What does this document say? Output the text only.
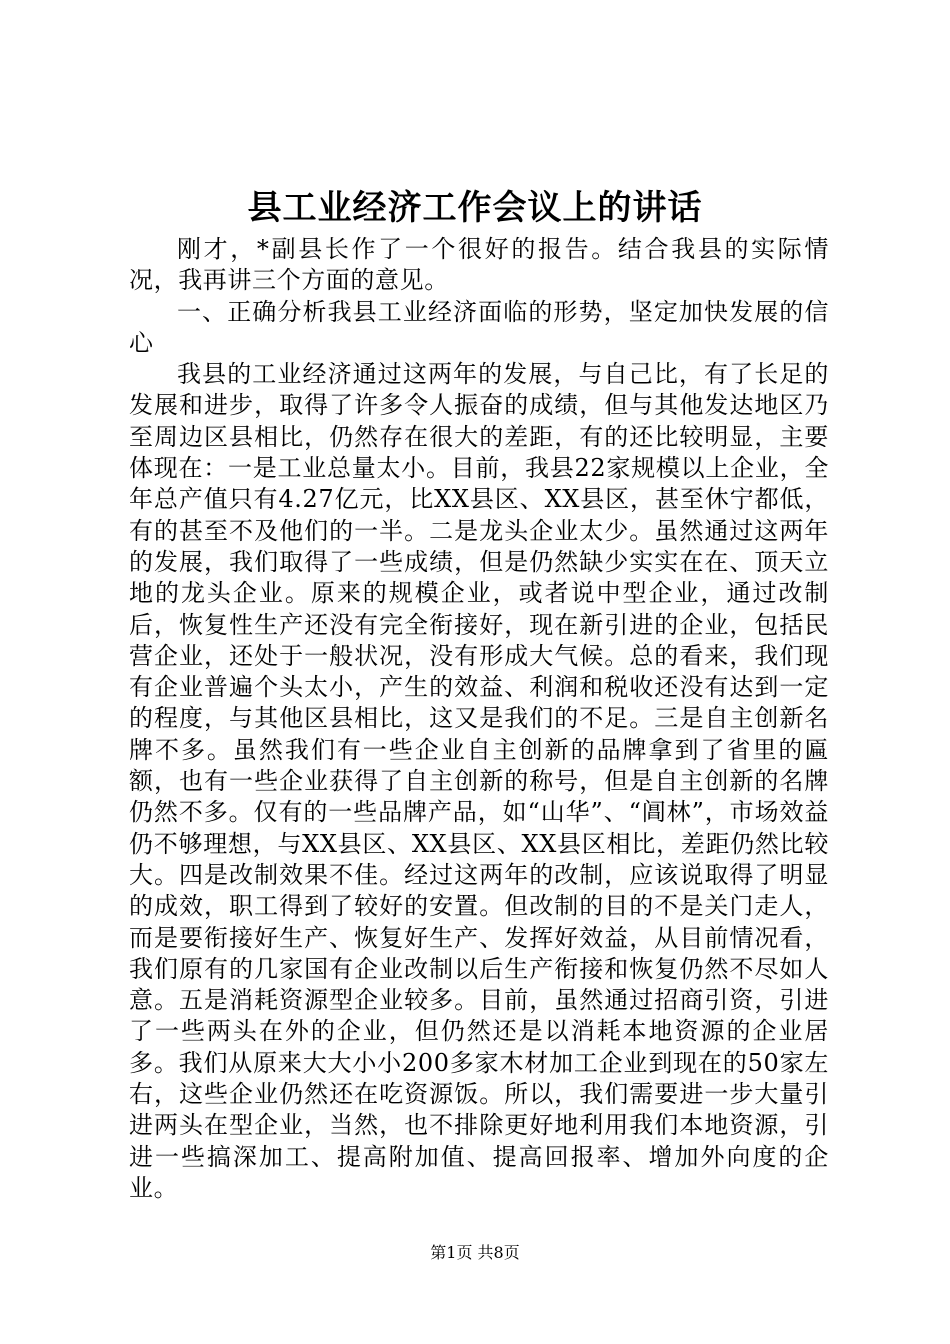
县工业经济工作会议上的讲话

刚才，*副县长作了一个很好的报告。结合我县的实际情况，我再讲三个方面的意见。

一、正确分析我县工业经济面临的形势，坚定加快发展的信心

我县的工业经济通过这两年的发展，与自己比，有了长足的发展和进步，取得了许多令人振奋的成绩，但与其他发达地区乃至周边区县相比，仍然存在很大的差距，有的还比较明显，主要体现在：一是工业总量太小。目前，我县22家规模以上企业，全年总产值只有4.27亿元，比XX县区、XX县区，甚至休宁都低，有的甚至不及他们的一半。二是龙头企业太少。虽然通过这两年的发展，我们取得了一些成绩，但是仍然缺少实实在在、顶天立地的龙头企业。原来的规模企业，或者说中型企业，通过改制后，恢复性生产还没有完全衔接好，现在新引进的企业，包括民营企业，还处于一般状况，没有形成大气候。总的看来，我们现有企业普遍个头太小，产生的效益、利润和税收还没有达到一定的程度，与其他区县相比，这又是我们的不足。三是自主创新名牌不多。虽然我们有一些企业自主创新的品牌拿到了省里的匾额，也有一些企业获得了自主创新的称号，但是自主创新的名牌仍然不多。仅有的一些品牌产品，如“山华”、“阊林”，市场效益仍不够理想，与XX县区、XX县区、XX县区相比，差距仍然比较大。四是改制效果不佳。经过这两年的改制，应该说取得了明显的成效，职工得到了较好的安置。但改制的目的不是关门走人，而是要衔接好生产、恢复好生产、发挥好效益，从目前情况看，我们原有的几家国有企业改制以后生产衔接和恢复仍然不尽如人意。五是消耗资源型企业较多。目前，虽然通过招商引资，引进了一些两头在外的企业，但仍然还是以消耗本地资源的企业居多。我们从原来大大小小200多家木材加工企业到现在的50家左右，这些企业仍然还在吃资源饭。所以，我们需要进一步大量引进两头在型企业，当然，也不排除更好地利用我们本地资源，引进一些搞深加工、提高附加值、提高回报率、增加外向度的企业。

第1页 共8页
